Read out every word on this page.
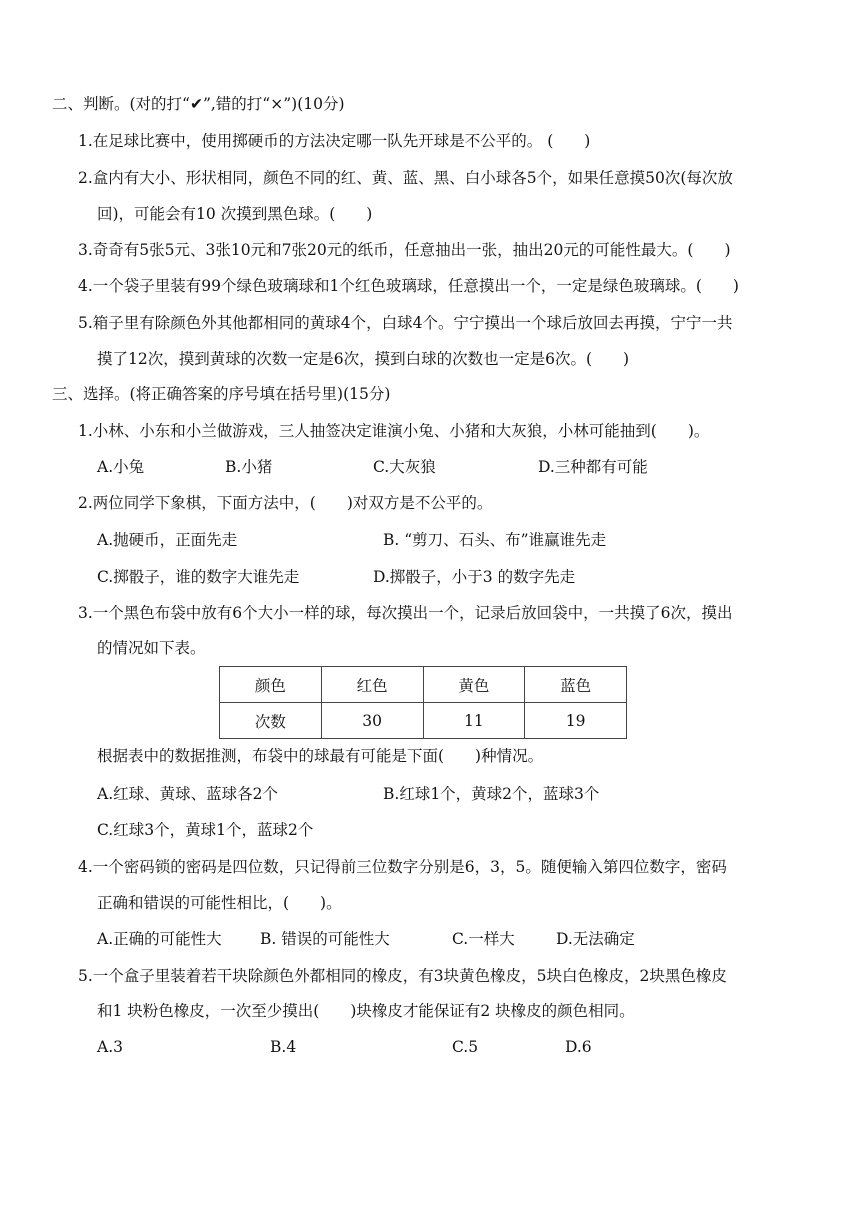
二、判断。(对的打“✔”,错的打“×”)(10分)
1.在足球比赛中，使用掷硬币的方法决定哪一队先开球是不公平的。 (　　)
2.盒内有大小、形状相同，颜色不同的红、黄、蓝、黑、白小球各5个，如果任意摸50次(每次放
回)，可能会有10 次摸到黑色球。(　　)
3.奇奇有5张5元、3张10元和7张20元的纸币，任意抽出一张，抽出20元的可能性最大。(　　)
4.一个袋子里装有99个绿色玻璃球和1个红色玻璃球，任意摸出一个，一定是绿色玻璃球。(　　)
5.箱子里有除颜色外其他都相同的黄球4个，白球4个。宁宁摸出一个球后放回去再摸，宁宁一共
摸了12次，摸到黄球的次数一定是6次，摸到白球的次数也一定是6次。(　　)
三、选择。(将正确答案的序号填在括号里)(15分)
1.小林、小东和小兰做游戏，三人抽签决定谁演小兔、小猪和大灰狼，小林可能抽到(　　)。
A.小兔	B.小猪	C.大灰狼	D.三种都有可能
2.两位同学下象棋，下面方法中，(　　)对双方是不公平的。
A.抛硬币，正面先走	B. “剪刀、石头、布”谁赢谁先走
C.掷骰子，谁的数字大谁先走	D.掷骰子，小于3 的数字先走
3.一个黑色布袋中放有6个大小一样的球，每次摸出一个，记录后放回袋中，一共摸了6次，摸出
的情况如下表。
颜色	红色	黄色	蓝色
次数	30	11	19
根据表中的数据推测，布袋中的球最有可能是下面(　　)种情况。
A.红球、黄球、蓝球各2个	B.红球1个，黄球2个，蓝球3个
C.红球3个，黄球1个，蓝球2个
4.一个密码锁的密码是四位数，只记得前三位数字分别是6，3，5。随便输入第四位数字，密码
正确和错误的可能性相比，(　　)。
A.正确的可能性大 B. 错误的可能性大	C.一样大	D.无法确定
5.一个盒子里装着若干块除颜色外都相同的橡皮，有3块黄色橡皮，5块白色橡皮，2块黑色橡皮
和1 块粉色橡皮，一次至少摸出(　　)块橡皮才能保证有2 块橡皮的颜色相同。
A.3	B.4	C.5	D.6
